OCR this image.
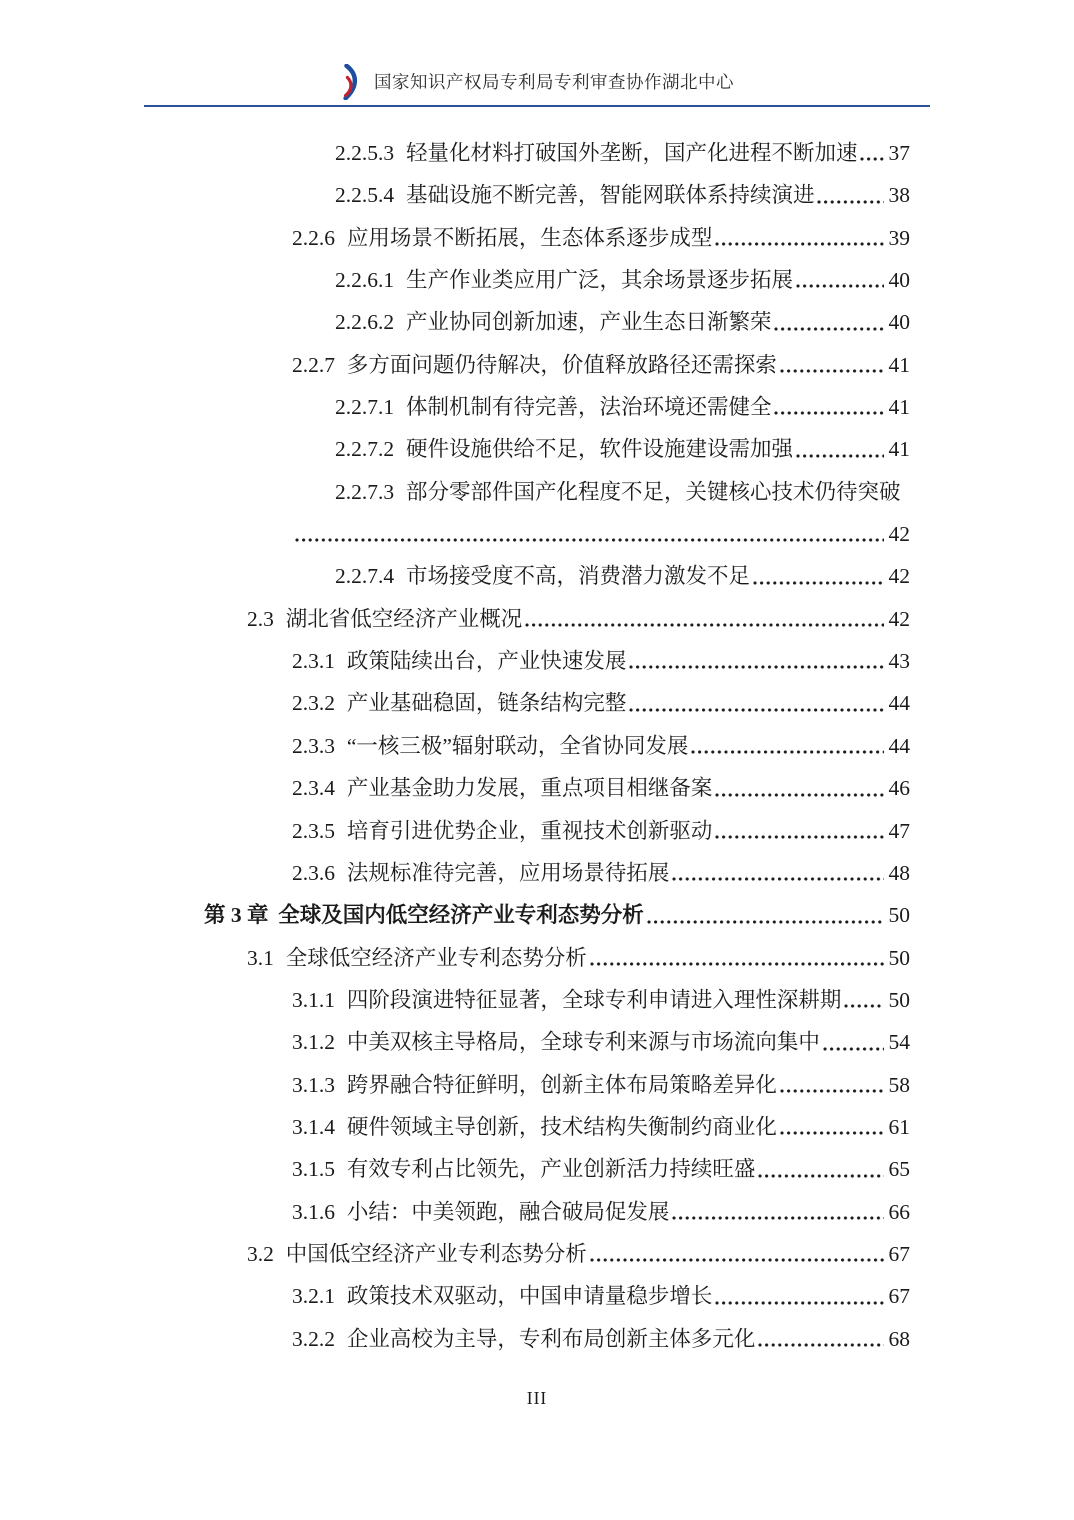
国家知识产权局专利局专利审查协作湖北中心
2.2.5.3 轻量化材料打破国外垄断，国产化进程不断加速 37
2.2.5.4 基础设施不断完善，智能网联体系持续演进	38
2.2.6 应用场景不断拓展，生态体系逐步成型	39
2.2.6.1 生产作业类应用广泛，其余场景逐步拓展	40
2.2.6.2 产业协同创新加速，产业生态日渐繁荣	40
2.2.7 多方面问题仍待解决，价值释放路径还需探索	41
2.2.7.1 体制机制有待完善，法治环境还需健全	41
2.2.7.2 硬件设施供给不足，软件设施建设需加强	41
2.2.7.3 部分零部件国产化程度不足，关键核心技术仍待突破
42
2.2.7.4 市场接受度不高，消费潜力激发不足	42
2.3 湖北省低空经济产业概况	42
2.3.1 政策陆续出台，产业快速发展	43
2.3.2 产业基础稳固，链条结构完整	44
2.3.3 “一核三极”辐射联动，全省协同发展	44
2.3.4 产业基金助力发展，重点项目相继备案	46
2.3.5 培育引进优势企业，重视技术创新驱动	47
2.3.6 法规标准待完善，应用场景待拓展	48
第 3 章 全球及国内低空经济产业专利态势分析	50
3.1 全球低空经济产业专利态势分析	50
3.1.1 四阶段演进特征显著，全球专利申请进入理性深耕期 50
3.1.2 中美双核主导格局，全球专利来源与市场流向集中	54
3.1.3 跨界融合特征鲜明，创新主体布局策略差异化	58
3.1.4 硬件领域主导创新，技术结构失衡制约商业化	61
3.1.5 有效专利占比领先，产业创新活力持续旺盛	65
3.1.6 小结：中美领跑，融合破局促发展	66
3.2 中国低空经济产业专利态势分析	67
3.2.1 政策技术双驱动，中国申请量稳步增长	67
3.2.2 企业高校为主导，专利布局创新主体多元化	68
III
